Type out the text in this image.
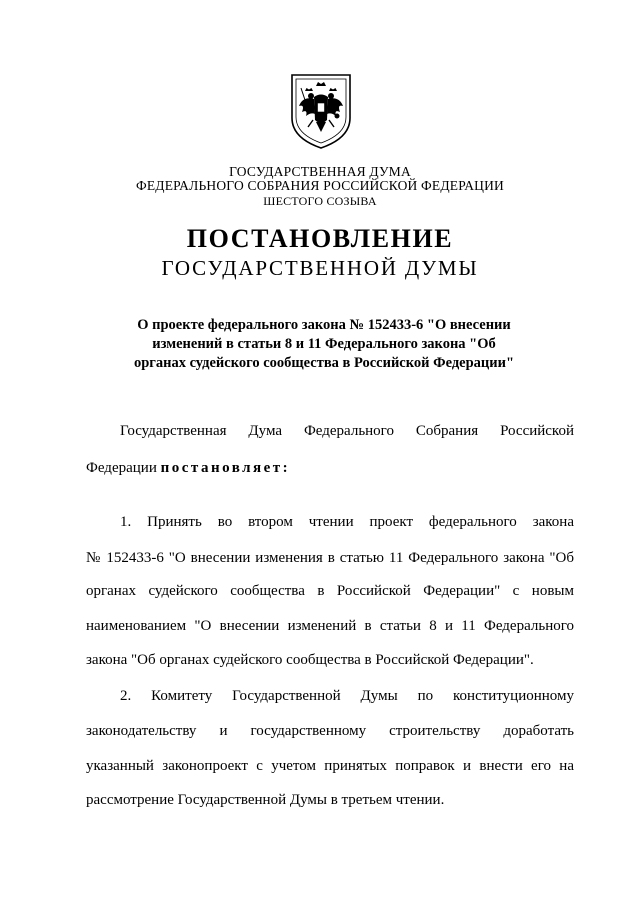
ГОСУДАРСТВЕННАЯ ДУМА
ФЕДЕРАЛЬНОГО СОБРАНИЯ РОССИЙСКОЙ ФЕДЕРАЦИИ
ШЕСТОГО СОЗЫВА
ПОСТАНОВЛЕНИЕ
ГОСУДАРСТВЕННОЙ ДУМЫ
О проекте федерального закона № 152433-6 "О внесении
изменений в статьи 8 и 11 Федерального закона "Об
органах судейского сообщества в Российской Федерации"
Государственная Дума Федерального Собрания Российской
Федерации постановляет:
1. Принять во втором чтении проект федерального закона
№ 152433-6 "О внесении изменения в статью 11 Федерального закона "Об
органах судейского сообщества в Российской Федерации" с новым
наименованием "О внесении изменений в статьи 8 и 11 Федерального
закона "Об органах судейского сообщества в Российской Федерации".
2. Комитету Государственной Думы по конституционному
законодательству и государственному строительству доработать
указанный законопроект с учетом принятых поправок и внести его на
рассмотрение Государственной Думы в третьем чтении.
